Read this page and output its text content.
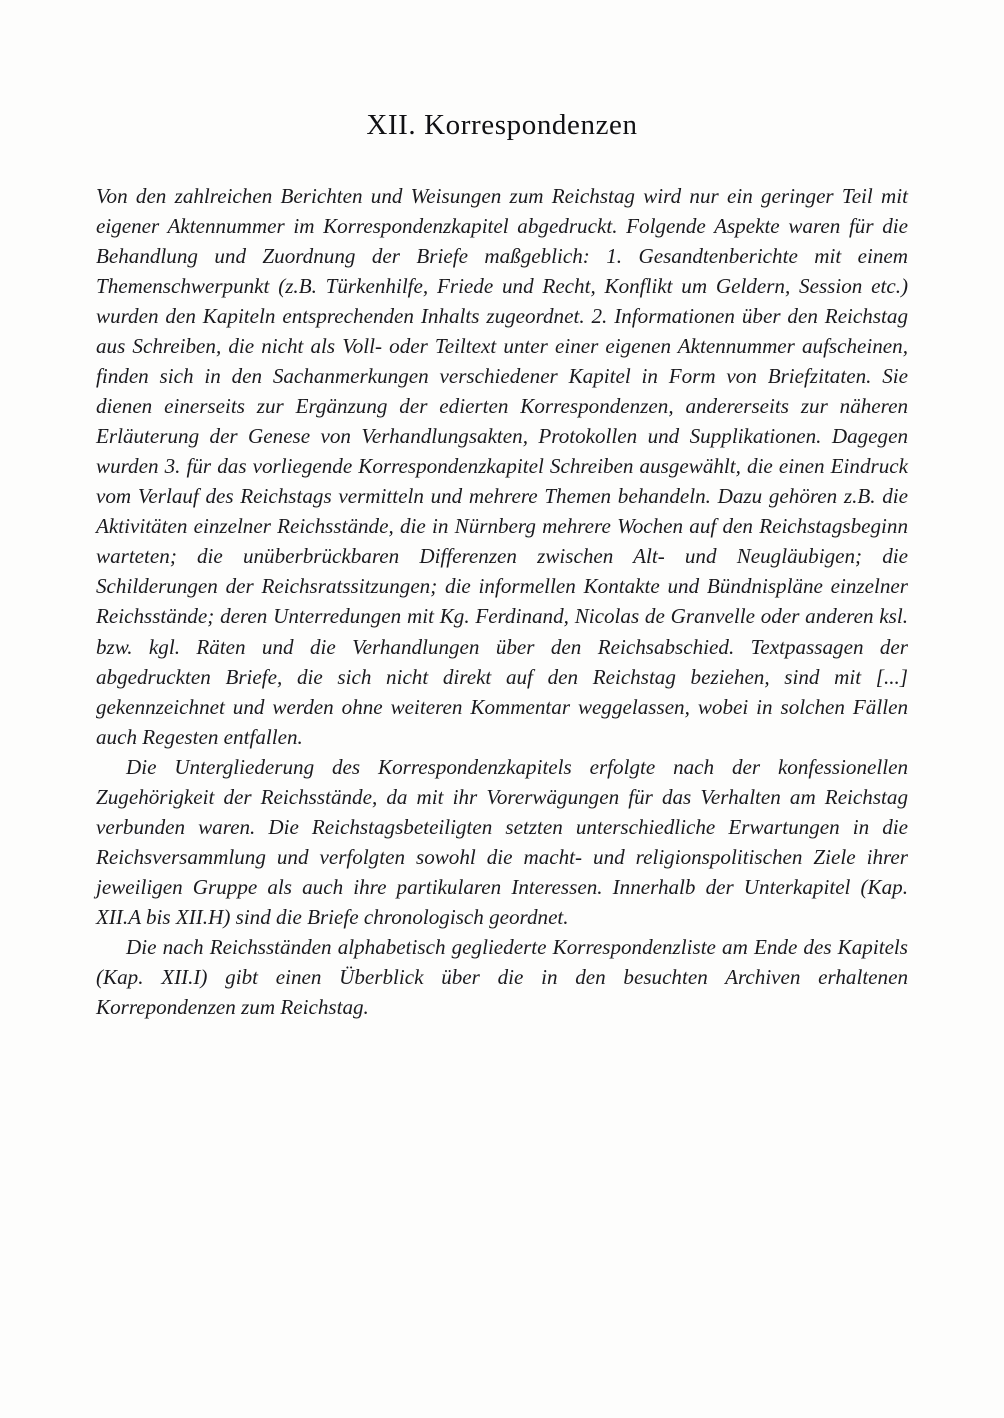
XII. Korrespondenzen

Von den zahlreichen Berichten und Weisungen zum Reichstag wird nur ein geringer Teil mit eigener Aktennummer im Korrespondenzkapitel abgedruckt. Folgende Aspekte waren für die Behandlung und Zuordnung der Briefe maßgeblich: 1. Gesandtenberichte mit einem Themenschwerpunkt (z.B. Türkenhilfe, Friede und Recht, Konflikt um Geldern, Session etc.) wurden den Kapiteln entsprechenden Inhalts zugeordnet. 2. Informationen über den Reichstag aus Schreiben, die nicht als Voll- oder Teiltext unter einer eigenen Aktennummer aufscheinen, finden sich in den Sachanmerkungen verschiedener Kapitel in Form von Briefzitaten. Sie dienen einerseits zur Ergänzung der edierten Korrespondenzen, andererseits zur näheren Erläuterung der Genese von Verhandlungsakten, Protokollen und Supplikationen. Dagegen wurden 3. für das vorliegende Korrespondenzkapitel Schreiben ausgewählt, die einen Eindruck vom Verlauf des Reichstags vermitteln und mehrere Themen behandeln. Dazu gehören z.B. die Aktivitäten einzelner Reichsstände, die in Nürnberg mehrere Wochen auf den Reichstagsbeginn warteten; die unüberbrückbaren Differenzen zwischen Alt- und Neugläubigen; die Schilderungen der Reichsratssitzungen; die informellen Kontakte und Bündnispläne einzelner Reichsstände; deren Unterredungen mit Kg. Ferdinand, Nicolas de Granvelle oder anderen ksl. bzw. kgl. Räten und die Verhandlungen über den Reichsabschied. Textpassagen der abgedruckten Briefe, die sich nicht direkt auf den Reichstag beziehen, sind mit [...] gekennzeichnet und werden ohne weiteren Kommentar weggelassen, wobei in solchen Fällen auch Regesten entfallen.

Die Untergliederung des Korrespondenzkapitels erfolgte nach der konfessionellen Zugehörigkeit der Reichsstände, da mit ihr Vorerwägungen für das Verhalten am Reichstag verbunden waren. Die Reichstagsbeteiligten setzten unterschiedliche Erwartungen in die Reichsversammlung und verfolgten sowohl die macht- und religionspolitischen Ziele ihrer jeweiligen Gruppe als auch ihre partikularen Interessen. Innerhalb der Unterkapitel (Kap. XII.A bis XII.H) sind die Briefe chronologisch geordnet.

Die nach Reichsständen alphabetisch gegliederte Korrespondenzliste am Ende des Kapitels (Kap. XII.I) gibt einen Überblick über die in den besuchten Archiven erhaltenen Korrepondenzen zum Reichstag.
